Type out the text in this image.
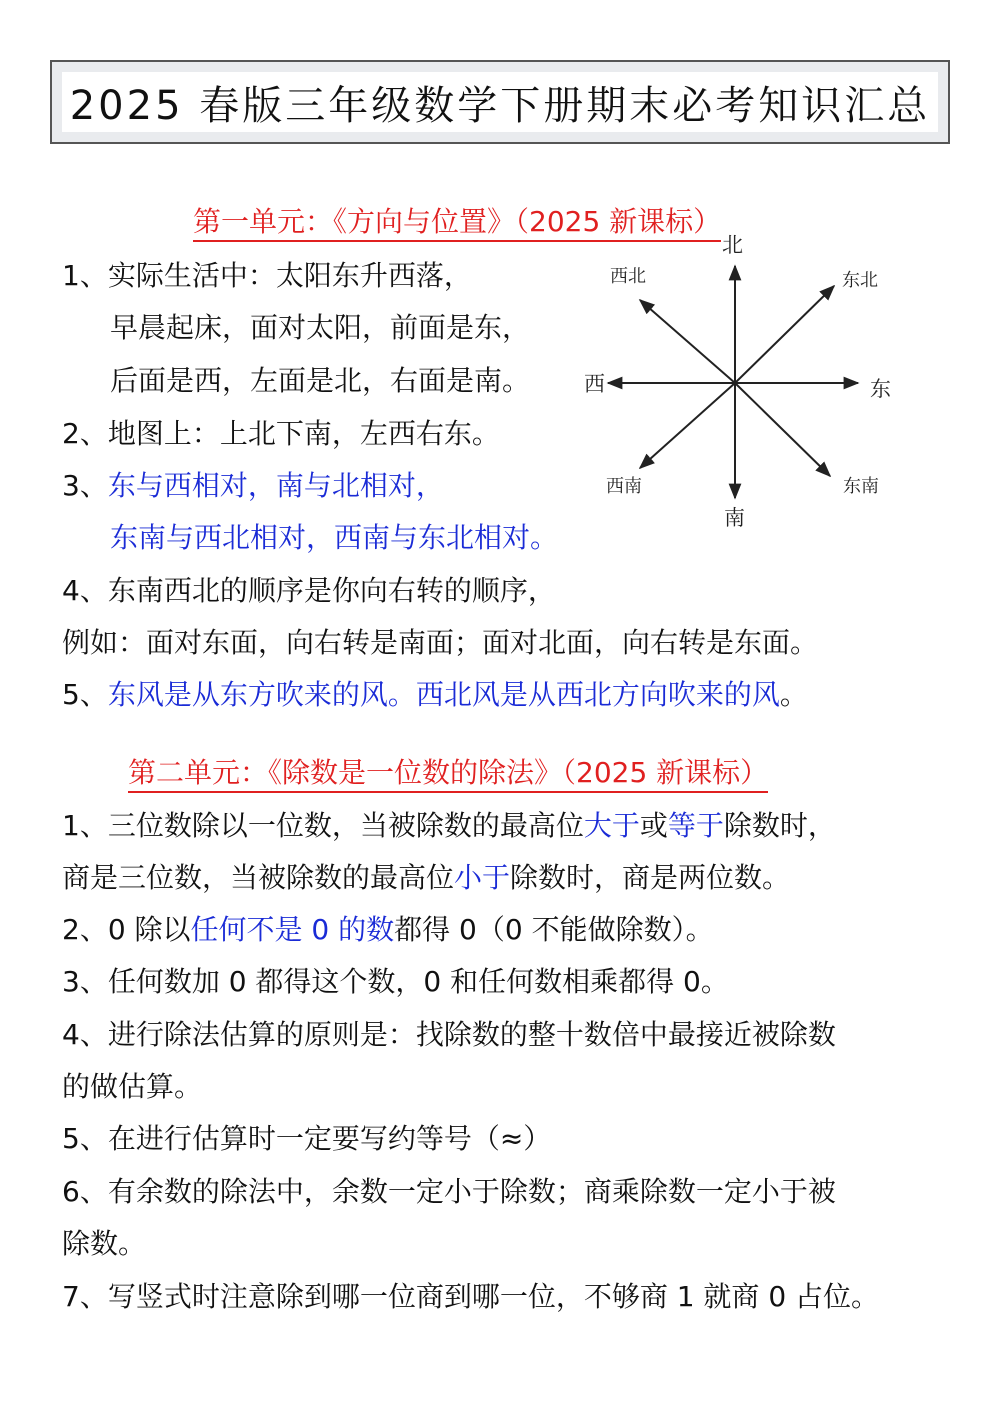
2025 春版三年级数学下册期末必考知识汇总
第一单元：《方向与位置》（2025 新课标）
1、实际生活中：太阳东升西落，
早晨起床，面对太阳，前面是东，
后面是西，左面是北，右面是南。
2、地图上：上北下南，左西右东。
3、东与西相对，南与北相对，
东南与西北相对，西南与东北相对。
4、东南西北的顺序是你向右转的顺序，
例如：面对东面，向右转是南面；面对北面，向右转是东面。
5、东风是从东方吹来的风。西北风是从西北方向吹来的风。
北
南
东
西
东北
西北
东南
西南
第二单元：《除数是一位数的除法》（2025 新课标）
1、三位数除以一位数，当被除数的最高位大于或等于除数时，
商是三位数，当被除数的最高位小于除数时，商是两位数。
2、0 除以任何不是 0 的数都得 0（0 不能做除数）。
3、任何数加 0 都得这个数，0 和任何数相乘都得 0。
4、进行除法估算的原则是：找除数的整十数倍中最接近被除数
的做估算。
5、在进行估算时一定要写约等号（≈）
6、有余数的除法中，余数一定小于除数；商乘除数一定小于被
除数。
7、写竖式时注意除到哪一位商到哪一位，不够商 1 就商 0 占位。
